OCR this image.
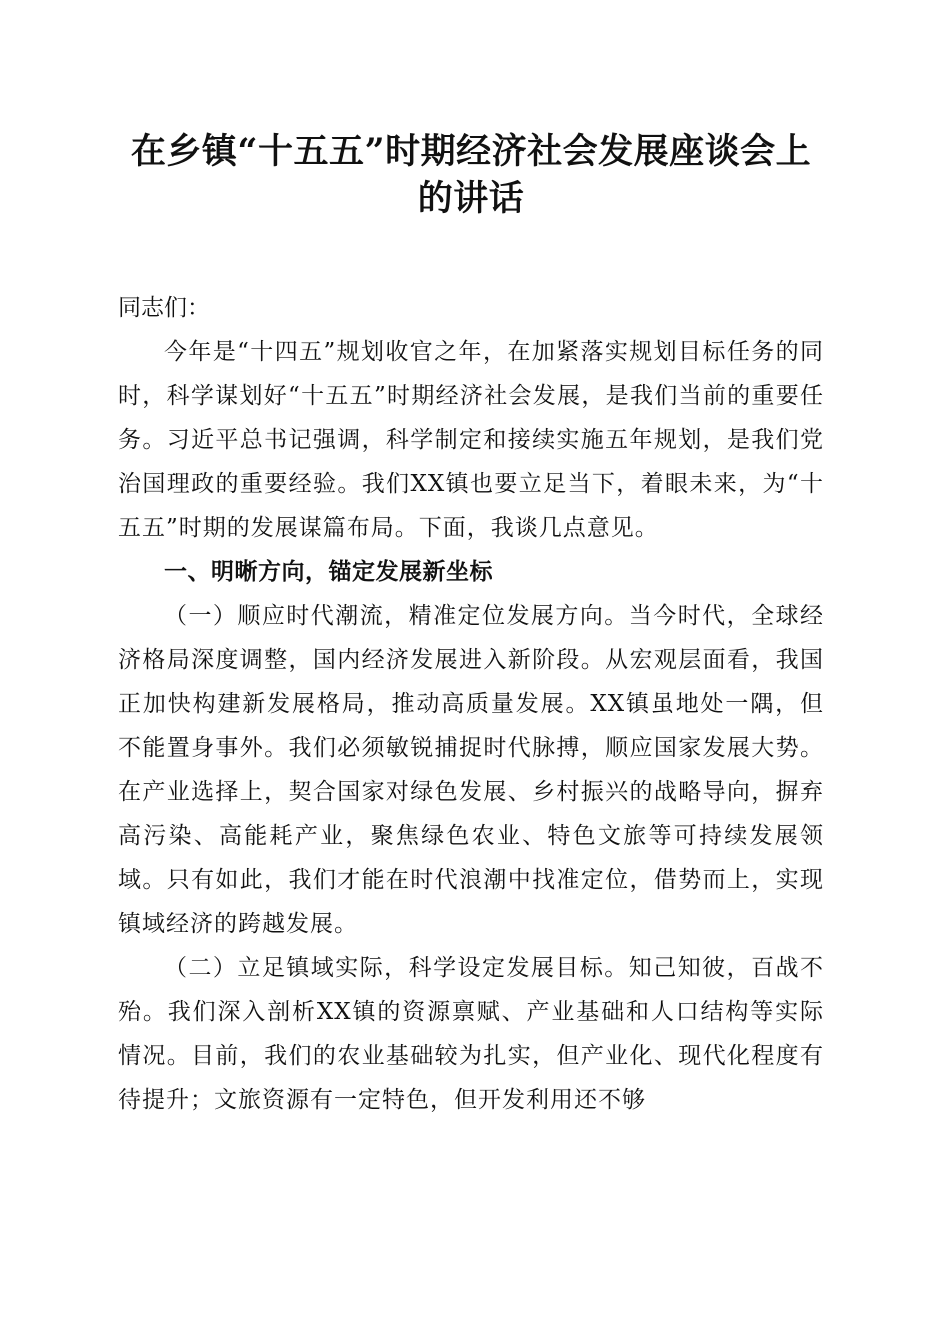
在乡镇“十五五”时期经济社会发展座谈会上
的讲话

同志们：

今年是“十四五”规划收官之年，在加紧落实规划目标任务的同时，科学谋划好“十五五”时期经济社会发展，是我们当前的重要任务。习近平总书记强调，科学制定和接续实施五年规划，是我们党治国理政的重要经验。我们XX镇也要立足当下，着眼未来，为“十五五”时期的发展谋篇布局。下面，我谈几点意见。

一、明晰方向，锚定发展新坐标

（一）顺应时代潮流，精准定位发展方向。当今时代，全球经济格局深度调整，国内经济发展进入新阶段。从宏观层面看，我国正加快构建新发展格局，推动高质量发展。XX镇虽地处一隅，但不能置身事外。我们必须敏锐捕捉时代脉搏，顺应国家发展大势。在产业选择上，契合国家对绿色发展、乡村振兴的战略导向，摒弃高污染、高能耗产业，聚焦绿色农业、特色文旅等可持续发展领域。只有如此，我们才能在时代浪潮中找准定位，借势而上，实现镇域经济的跨越发展。

（二）立足镇域实际，科学设定发展目标。知己知彼，百战不殆。我们深入剖析XX镇的资源禀赋、产业基础和人口结构等实际情况。目前，我们的农业基础较为扎实，但产业化、现代化程度有待提升；文旅资源有一定特色，但开发利用还不够
